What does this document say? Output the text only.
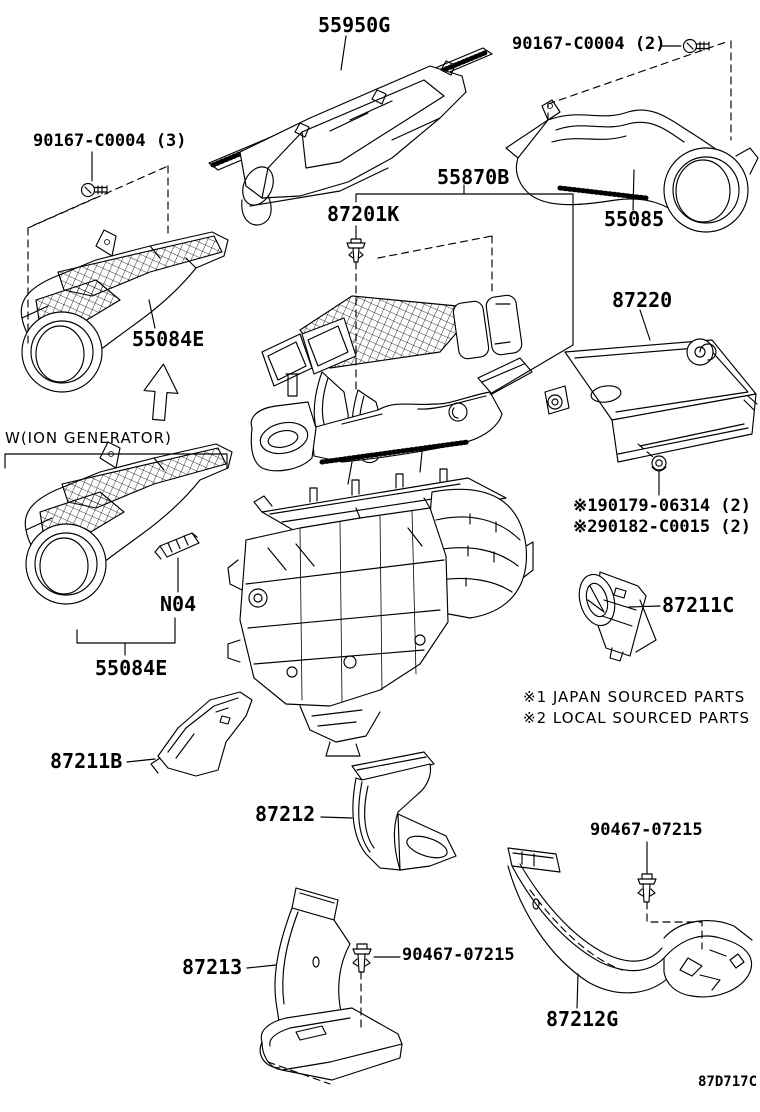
55950G
90167-C0004 (2)
90167-C0004 (3)
55870B
87201K	55085
87220
55084E
W(ION GENERATOR)
N04
55084E
※190179-06314 (2)
※290182-C0015 (2)
87211C
※1 JAPAN SOURCED PARTS
※2 LOCAL SOURCED PARTS
87211B
87212
90467-07215
87213	90467-07215
87212G
87D717C
